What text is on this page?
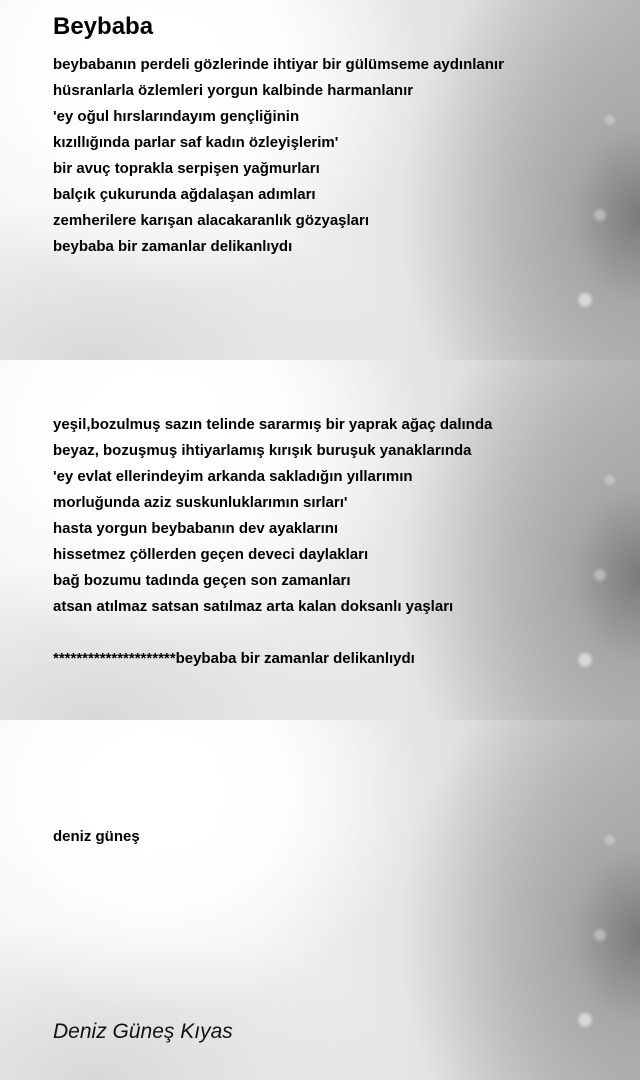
Beybaba
beybabanın perdeli gözlerinde ihtiyar bir gülümseme aydınlanır
hüsranlarla özlemleri yorgun kalbinde harmanlanır
'ey oğul hırslarındayım gençliğinin
kızıllığında parlar saf kadın özleyişlerim'
bir avuç toprakla serpişen yağmurları
balçık çukurunda ağdalaşan adımları
zemherilere karışan alacakaranlık gözyaşları
beybaba bir zamanlar delikanlıydı
yeşil,bozulmuş sazın telinde sararmış bir yaprak ağaç dalında
beyaz, bozuşmuş ihtiyarlamış kırışık buruşuk yanaklarında
'ey evlat ellerindeyim arkanda sakladığın yıllarımın
morluğunda aziz suskunluklarımın sırları'
hasta yorgun beybabanın dev ayaklarını
hissetmez çöllerden geçen deveci daylakları
bağ bozumu tadında geçen son zamanları
atsan atılmaz satsan satılmaz arta kalan doksanlı yaşları
*********************beybaba bir zamanlar delikanlıydı

deniz güneş

Deniz Güneş Kıyas
